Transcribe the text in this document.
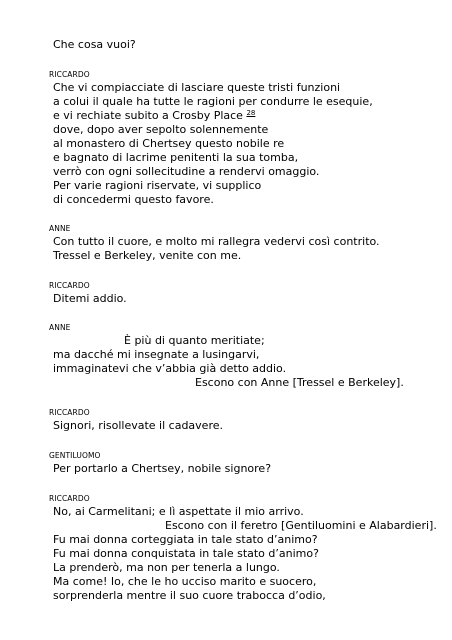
Che cosa vuoi?
RICCARDO
Che vi compiacciate di lasciare queste tristi funzioni
a colui il quale ha tutte le ragioni per condurre le esequie,
e vi rechiate subito a Crosby Place $^{28}$
dove, dopo aver sepolto solennemente
al monastero di Chertsey questo nobile re
e bagnato di lacrime penitenti la sua tomba,
verrò con ogni sollecitudine a rendervi omaggio.
Per varie ragioni riservate, vi supplico
di concedermi questo favore.
ANNE
Con tutto il cuore, e molto mi rallegra vedervi così contrito.
Tressel e Berkeley, venite con me.
RICCARDO
Ditemi addio.
ANNE
È più di quanto meritiate;
ma dacché mi insegnate a lusingarvi,
immaginatevi che v’abbia già detto addio.
Escono con Anne [Tressel e Berkeley].
RICCARDO
Signori, risollevate il cadavere.
GENTILUOMO
Per portarlo a Chertsey, nobile signore?
RICCARDO
No, ai Carmelitani; e lì aspettate il mio arrivo.
Escono con il feretro [Gentiluomini e Alabardieri].
Fu mai donna corteggiata in tale stato d’animo?
Fu mai donna conquistata in tale stato d’animo?
La prenderò, ma non per tenerla a lungo.
Ma come! Io, che le ho ucciso marito e suocero,
sorprenderla mentre il suo cuore trabocca d’odio,
